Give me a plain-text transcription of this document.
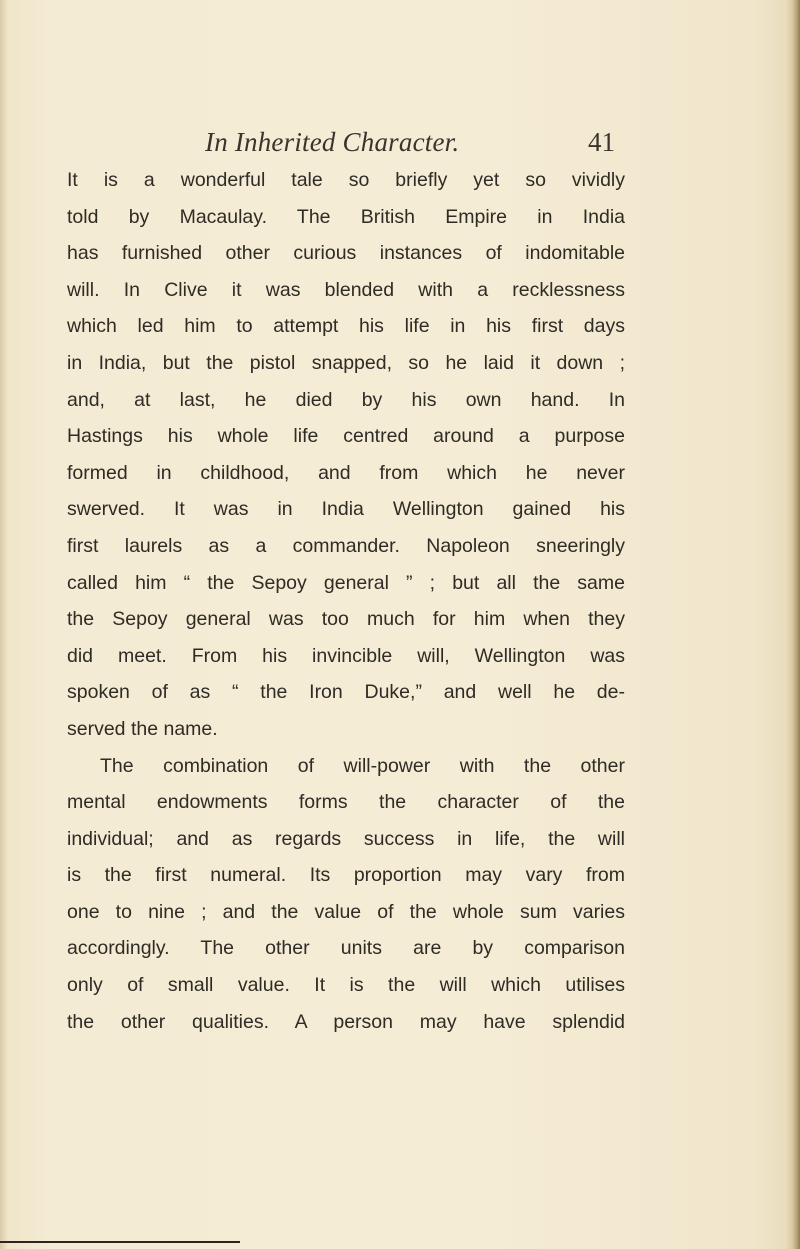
In Inherited Character.	41
It is a wonderful tale so briefly yet so vividly
told by Macaulay. The British Empire in India
has furnished other curious instances of indomitable
will. In Clive it was blended with a recklessness
which led him to attempt his life in his first days
in India, but the pistol snapped, so he laid it down ;
and, at last, he died by his own hand. In
Hastings his whole life centred around a purpose
formed in childhood, and from which he never
swerved. It was in India Wellington gained his
first laurels as a commander. Napoleon sneeringly
called him “ the Sepoy general ” ; but all the same
the Sepoy general was too much for him when they
did meet. From his invincible will, Wellington was
spoken of as “ the Iron Duke,” and well he de-
served the name.
The combination of will-power with the other
mental endowments forms the character of the
individual; and as regards success in life, the will
is the first numeral. Its proportion may vary from
one to nine ; and the value of the whole sum varies
accordingly. The other units are by comparison
only of small value. It is the will which utilises
the other qualities. A person may have splendid
